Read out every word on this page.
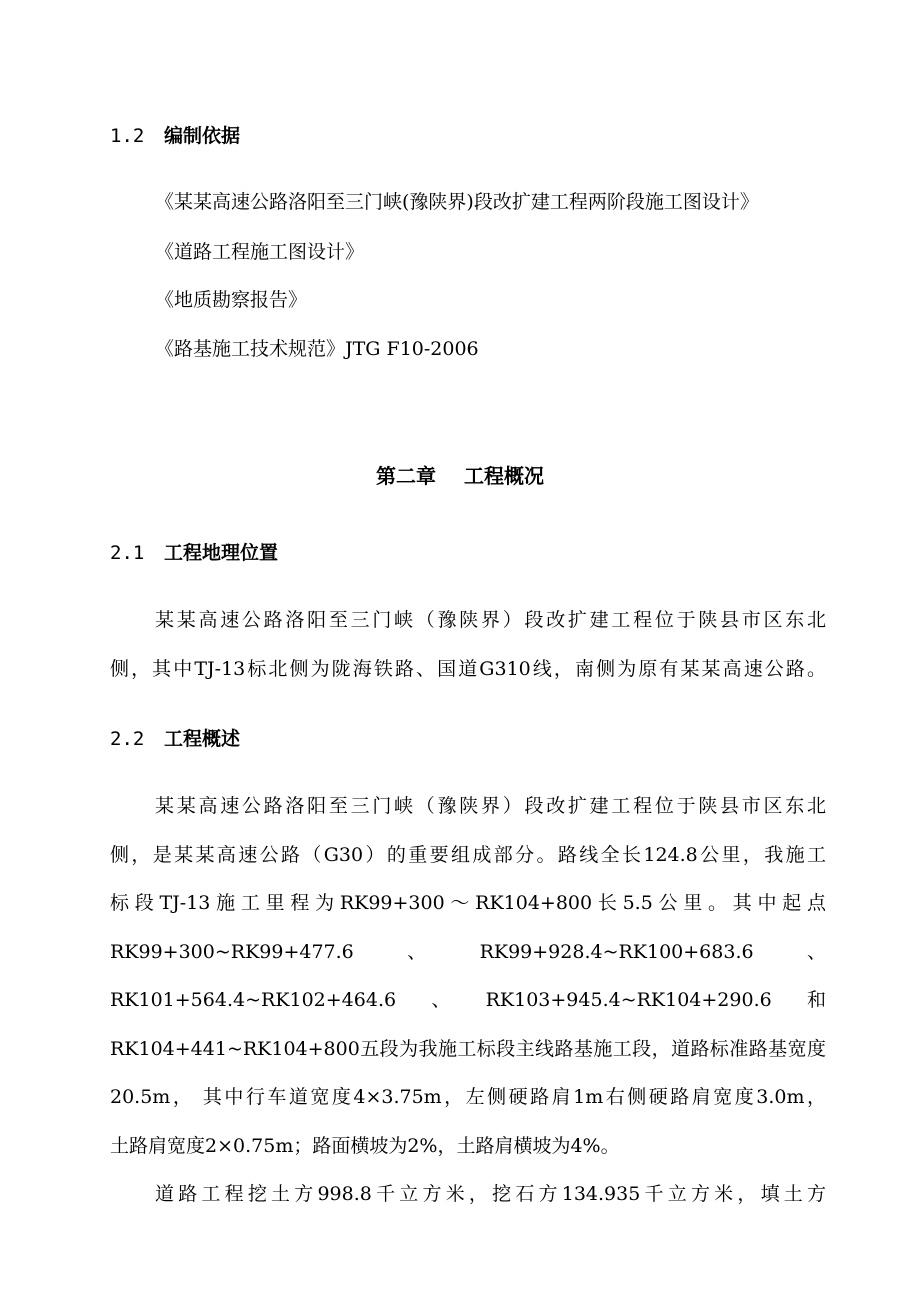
1.2 编制依据
《某某高速公路洛阳至三门峡(豫陕界)段改扩建工程两阶段施工图设计》
《道路工程施工图设计》
《地质勘察报告》
《路基施工技术规范》JTG F10-2006
第二章 工程概况
2.1 工程地理位置
某某高速公路洛阳至三门峡（豫陕界）段改扩建工程位于陕县市区东北
侧，其中TJ-13标北侧为陇海铁路、国道G310线，南侧为原有某某高速公路。
2.2 工程概述
某某高速公路洛阳至三门峡（豫陕界）段改扩建工程位于陕县市区东北
侧，是某某高速公路（G30）的重要组成部分。路线全长124.8公里，我施工
标段TJ-13施工里程为RK99+300～RK104+800长5.5公里。其中起点
RK99+300~RK99+477.6	、	RK99+928.4~RK100+683.6	、
RK101+564.4~RK102+464.6 、 RK103+945.4~RK104+290.6 和
RK104+441~RK104+800五段为我施工标段主线路基施工段，道路标准路基宽度
20.5m， 其中行车道宽度4×3.75m，左侧硬路肩1m右侧硬路肩宽度3.0m，
土路肩宽度2×0.75m；路面横坡为2%，土路肩横坡为4%。
道路工程挖土方998.8千立方米，挖石方134.935千立方米，填土方
